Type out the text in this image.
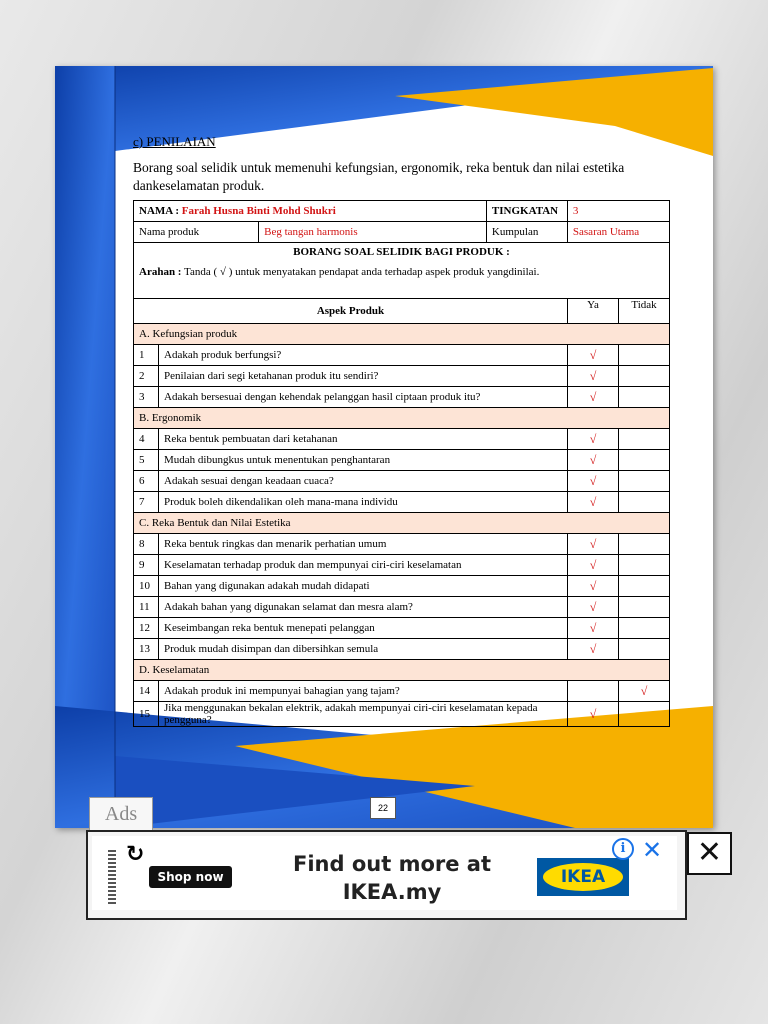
c) PENILAIAN
Borang soal selidik untuk memenuhi kefungsian, ergonomik, reka bentuk dan nilai estetika dankeselamatan produk.
NAMA : Farah Husna Binti Mohd Shukri			TINGKATAN	3	
Nama produk		Beg tangan harmonis	Kumpulan	Sasaran Utama	

BORANG SOAL SELIDIK BAGI PRODUK :
Arahan : Tanda ( √ ) untuk menyatakan pendapat anda terhadap aspek produk yangdinilai.					

Aspek Produk				Ya	Tidak
A. Kefungsian produk					
1	Adakah produk berfungsi?			√	
2	Penilaian dari segi ketahanan produk itu sendiri?			√	
3	Adakah bersesuai dengan kehendak pelanggan hasil ciptaan produk itu?			√	
B. Ergonomik					
4	Reka bentuk pembuatan dari ketahanan			√	
5	Mudah dibungkus untuk menentukan penghantaran			√	
6	Adakah sesuai dengan keadaan cuaca?			√	
7	Produk boleh dikendalikan oleh mana-mana individu			√	
C. Reka Bentuk dan Nilai Estetika					
8	Reka bentuk ringkas dan menarik perhatian umum			√	
9	Keselamatan terhadap produk dan mempunyai ciri-ciri keselamatan			√	
10	Bahan yang digunakan adakah mudah didapati			√	
11	Adakah bahan yang digunakan selamat dan mesra alam?			√	
12	Keseimbangan reka bentuk menepati pelanggan			√	
13	Produk mudah disimpan dan dibersihkan semula			√	
D. Keselamatan					
14	Adakah produk ini mempunyai bahagian yang tajam?				√
15	Jika menggunakan bekalan elektrik, adakah mempunyai ciri-ciri keselamatan kepada pengguna?			√	
22
Ads
↻
Shop now
Find out more at IKEA.my
IKEA
i ✕	✕
